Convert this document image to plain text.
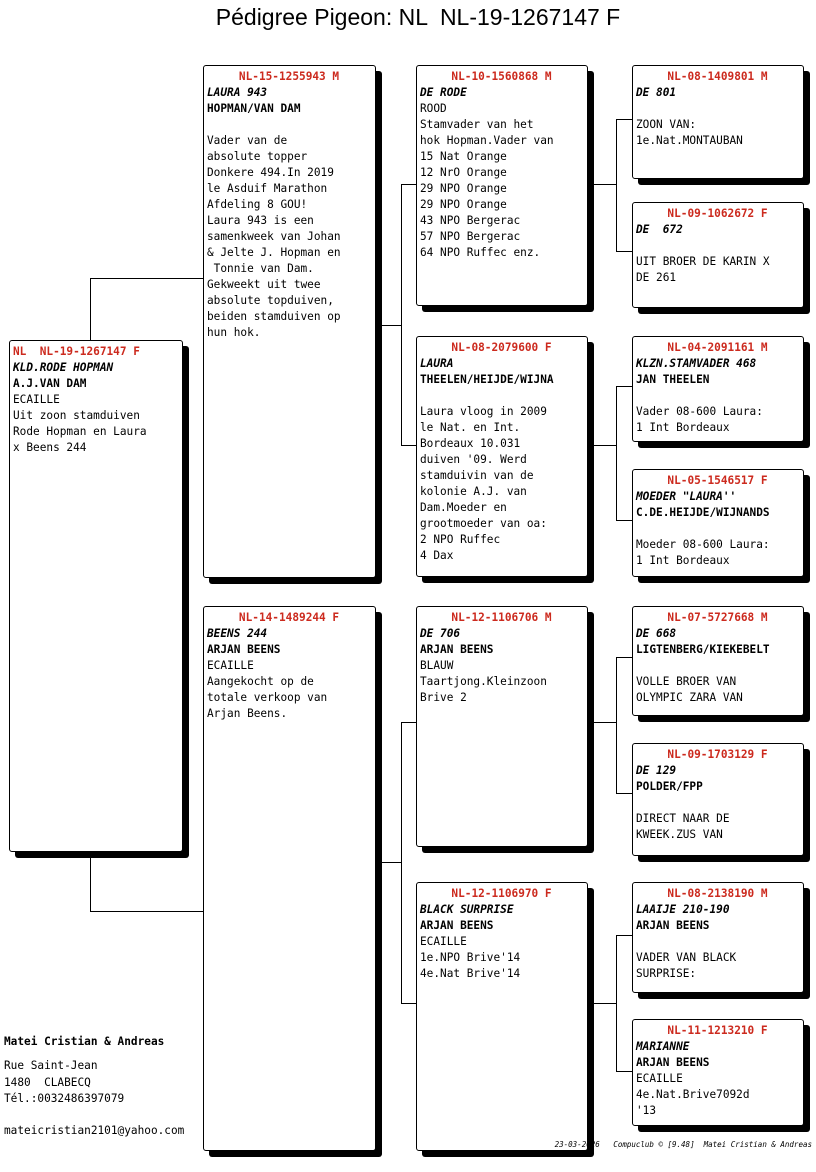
Pédigree Pigeon: NL  NL-19-1267147 F
NL  NL-19-1267147 F
KLD.RODE HOPMAN
A.J.VAN DAM
ECAILLE
Uit zoon stamduiven
Rode Hopman en Laura
x Beens 244
NL-15-1255943 M
LAURA 943
HOPMAN/VAN DAM
Vader van de
absolute topper
Donkere 494.In 2019
le Asduif Marathon
Afdeling 8 GOU!
Laura 943 is een
samenkweek van Johan
& Jelte J. Hopman en
Tonnie van Dam.
Gekweekt uit twee
absolute topduiven,
beiden stamduiven op
hun hok.
NL-14-1489244 F
BEENS 244
ARJAN BEENS
ECAILLE
Aangekocht op de
totale verkoop van
Arjan Beens.
NL-10-1560868 M
DE RODE
ROOD
Stamvader van het
hok Hopman.Vader van
15 Nat Orange
12 NrO Orange
29 NPO Orange
29 NPO Orange
43 NPO Bergerac
57 NPO Bergerac
64 NPO Ruffec enz.
NL-08-2079600 F
LAURA
THEELEN/HEIJDE/WIJNA
Laura vloog in 2009
le Nat. en Int.
Bordeaux 10.031
duiven '09. Werd
stamduivin van de
kolonie A.J. van
Dam.Moeder en
grootmoeder van oa:
2 NPO Ruffec
4 Dax
NL-12-1106706 M
DE 706
ARJAN BEENS
BLAUW
Taartjong.Kleinzoon
Brive 2
NL-12-1106970 F
BLACK SURPRISE
ARJAN BEENS
ECAILLE
1e.NPO Brive'14
4e.Nat Brive'14
NL-08-1409801 M
DE 801
ZOON VAN:
1e.Nat.MONTAUBAN
NL-09-1062672 F
DE  672
UIT BROER DE KARIN X
DE 261
NL-04-2091161 M
KLZN.STAMVADER 468
JAN THEELEN
Vader 08-600 Laura:
1 Int Bordeaux
NL-05-1546517 F
MOEDER "LAURA''
C.DE.HEIJDE/WIJNANDS
Moeder 08-600 Laura:
1 Int Bordeaux
NL-07-5727668 M
DE 668
LIGTENBERG/KIEKEBELT
VOLLE BROER VAN
OLYMPIC ZARA VAN
NL-09-1703129 F
DE 129
POLDER/FPP
DIRECT NAAR DE
KWEEK.ZUS VAN
NL-08-2138190 M
LAAIJE 210-190
ARJAN BEENS
VADER VAN BLACK
SURPRISE:
NL-11-1213210 F
MARIANNE
ARJAN BEENS
ECAILLE
4e.Nat.Brive7092d
'13
Matei Cristian & Andreas
Rue Saint-Jean
1480  CLABECQ
Tél.:0032486397079
mateicristian2101@yahoo.com
23-03-2026   Compuclub © [9.48]  Matei Cristian & Andreas
